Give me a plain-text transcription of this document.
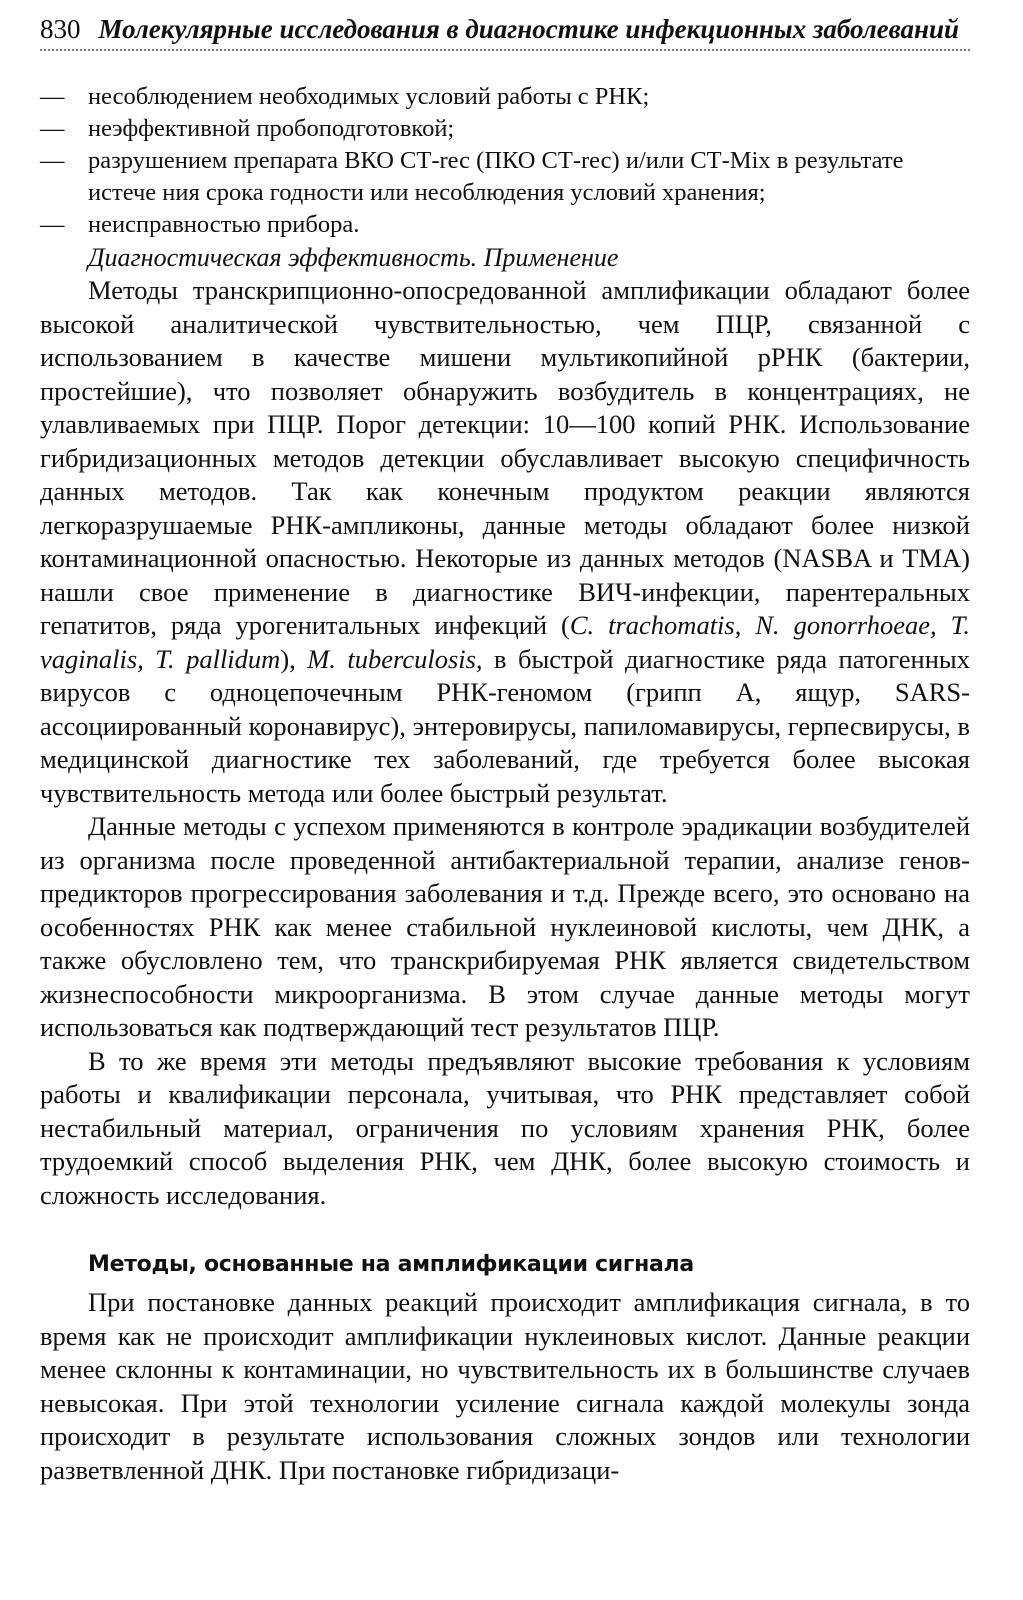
830 Молекулярные исследования в диагностике инфекционных заболеваний
— несоблюдением необходимых условий работы с РНК;
— неэффективной пробоподготовкой;
— разрушением препарата ВКО СТ-rес (ПКО СТ-rес) и/или СТ-Mix в результате истече ния срока годности или несоблюдения условий хранения;
— неисправностью прибора.

Диагностическая эффективность. Применение

Методы транскрипционно-опосредованной амплификации обладают более высокой аналитической чувствительностью, чем ПЦР, связанной с использованием в качестве мишени мультикопийной рРНК (бактерии, простейшие), что позволяет обнаружить возбудитель в концентрациях, не улавливаемых при ПЦР. Порог детекции: 10—100 копий РНК. Использование гибридизационных методов детекции обуславливает высокую специфичность данных методов. Так как конечным продуктом реакции являются легкоразрушаемые РНК-ампликоны, данные методы обладают более низкой контаминационной опасностью. Некоторые из данных методов (NASBA и TMA) нашли свое применение в диагностике ВИЧ-инфекции, парентеральных гепатитов, ряда урогенитальных инфекций (C. trachomatis, N. gonorrhoeae, T. vaginalis, T. pallidum), M. tuberculosis, в быстрой диагностике ряда патогенных вирусов с одноцепочечным РНК-геномом (грипп А, ящур, SARS-ассоциированный коронавирус), энтеровирусы, папиломавирусы, герпесвирусы, в медицинской диагностике тех заболеваний, где требуется более высокая чувствительность метода или более быстрый результат.

Данные методы с успехом применяются в контроле эрадикации возбудителей из организма после проведенной антибактериальной терапии, анализе генов-предикторов прогрессирования заболевания и т.д. Прежде всего, это основано на особенностях РНК как менее стабильной нуклеиновой кислоты, чем ДНК, а также обусловлено тем, что транскрибируемая РНК является свидетельством жизнеспособности микроорганизма. В этом случае данные методы могут использоваться как подтверждающий тест результатов ПЦР.

В то же время эти методы предъявляют высокие требования к условиям работы и квалификации персонала, учитывая, что РНК представляет собой нестабильный материал, ограничения по условиям хранения РНК, более трудоемкий способ выделения РНК, чем ДНК, более высокую стоимость и сложность исследования.

Методы, основанные на амплификации сигнала

При постановке данных реакций происходит амплификация сигнала, в то время как не происходит амплификации нуклеиновых кислот. Данные реакции менее склонны к контаминации, но чувствительность их в большинстве случаев невысокая. При этой технологии усиление сигнала каждой молекулы зонда происходит в результате использования сложных зондов или технологии разветвленной ДНК. При постановке гибридизаци-
